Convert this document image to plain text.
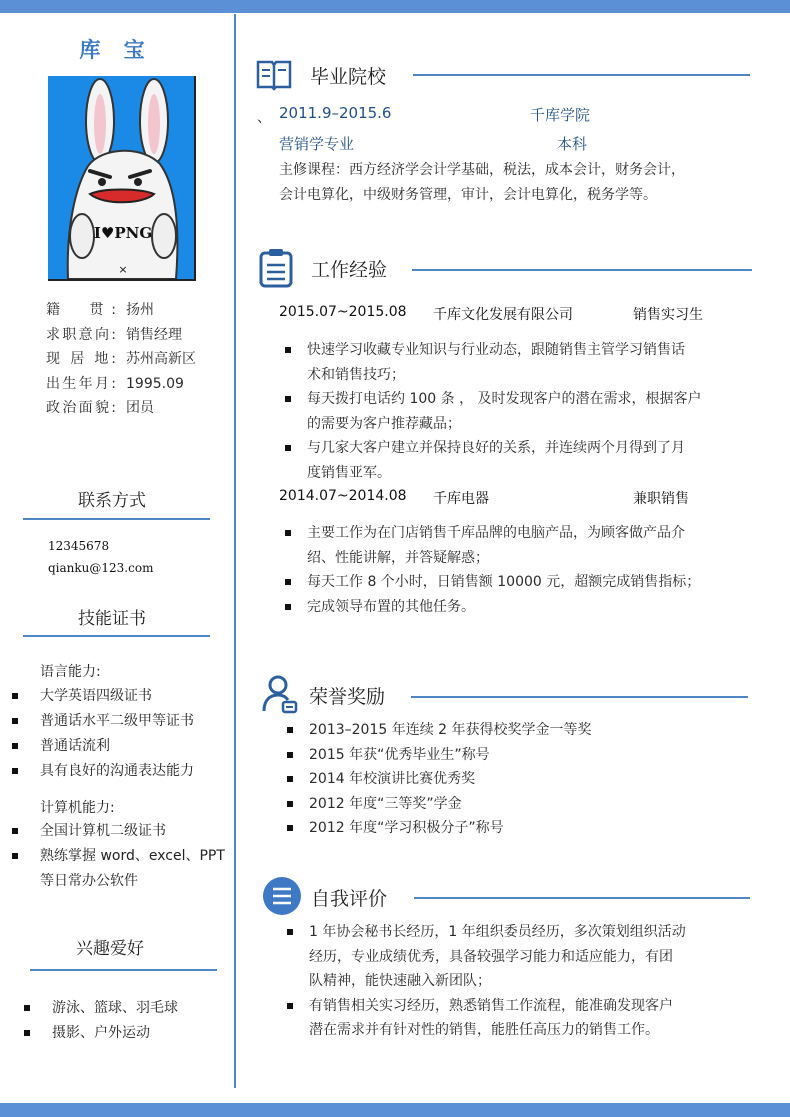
库 宝
I♥PNG
×
籍　贯: 扬州
求职意向: 销售经理
现 居 地: 苏州高新区
出生年月: 1995.09
政治面貌: 团员
联系方式
12345678
qianku@123.com
技能证书
语言能力:
大学英语四级证书
普通话水平二级甲等证书
普通话流利
具有良好的沟通表达能力
计算机能力:
全国计算机二级证书
熟练掌握 word、excel、PPT
等日常办公软件
兴趣爱好
游泳、篮球、羽毛球
摄影、户外运动
毕业院校
、 2011.9–2015.6	千库学院
营销学专业	本科
主修课程：西方经济学会计学基础，税法，成本会计，财务会计，
会计电算化，中级财务管理，审计，会计电算化，税务学等。
工作经验
2015.07~2015.08 千库文化发展有限公司	销售实习生
快速学习收藏专业知识与行业动态，跟随销售主管学习销售话
术和销售技巧；
每天拨打电话约 100 条 ， 及时发现客户的潜在需求，根据客户
的需要为客户推荐藏品；
与几家大客户建立并保持良好的关系，并连续两个月得到了月
度销售亚军。
2014.07~2014.08 千库电器	兼职销售
主要工作为在门店销售千库品牌的电脑产品，为顾客做产品介
绍、性能讲解，并答疑解惑；
每天工作 8 个小时，日销售额 10000 元，超额完成销售指标；
完成领导布置的其他任务。
荣誉奖励
2013–2015 年连续 2 年获得校奖学金一等奖
2015 年获“优秀毕业生”称号
2014 年校演讲比赛优秀奖
2012 年度“三等奖”学金
2012 年度“学习积极分子”称号
自我评价
1 年协会秘书长经历，1 年组织委员经历，多次策划组织活动
经历，专业成绩优秀，具备较强学习能力和适应能力，有团
队精神，能快速融入新团队；
有销售相关实习经历，熟悉销售工作流程，能准确发现客户
潜在需求并有针对性的销售，能胜任高压力的销售工作。
